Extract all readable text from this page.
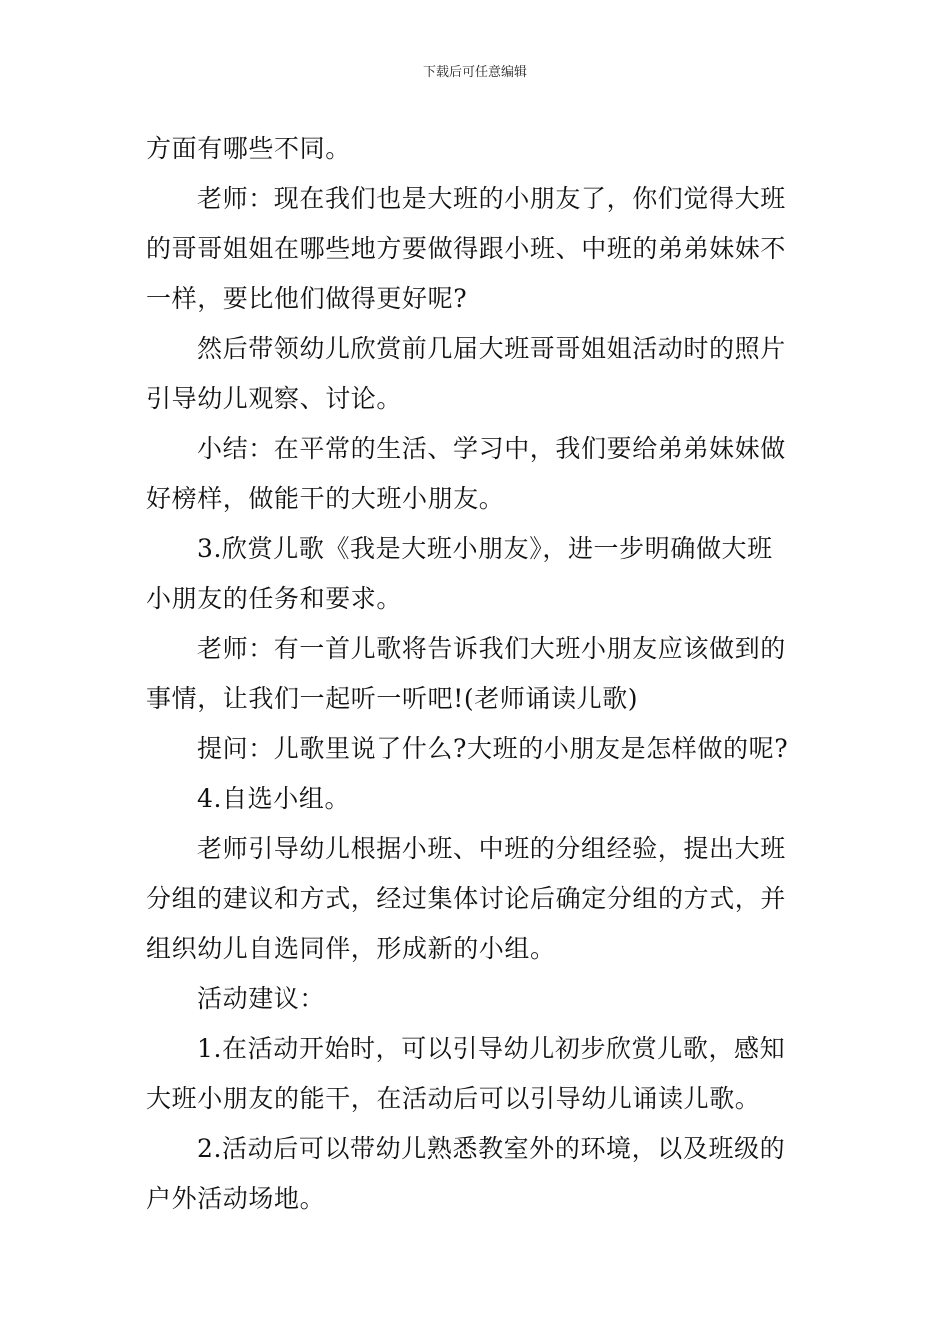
下载后可任意编辑
方面有哪些不同。
老师：现在我们也是大班的小朋友了，你们觉得大班
的哥哥姐姐在哪些地方要做得跟小班、中班的弟弟妹妹不
一样，要比他们做得更好呢?
然后带领幼儿欣赏前几届大班哥哥姐姐活动时的照片
引导幼儿观察、讨论。
小结：在平常的生活、学习中，我们要给弟弟妹妹做
好榜样，做能干的大班小朋友。
3.欣赏儿歌《我是大班小朋友》，进一步明确做大班
小朋友的任务和要求。
老师：有一首儿歌将告诉我们大班小朋友应该做到的
事情，让我们一起听一听吧!(老师诵读儿歌)
提问：儿歌里说了什么?大班的小朋友是怎样做的呢?
4.自选小组。
老师引导幼儿根据小班、中班的分组经验，提出大班
分组的建议和方式，经过集体讨论后确定分组的方式，并
组织幼儿自选同伴，形成新的小组。
活动建议：
1.在活动开始时，可以引导幼儿初步欣赏儿歌，感知
大班小朋友的能干，在活动后可以引导幼儿诵读儿歌。
2.活动后可以带幼儿熟悉教室外的环境，以及班级的
户外活动场地。
